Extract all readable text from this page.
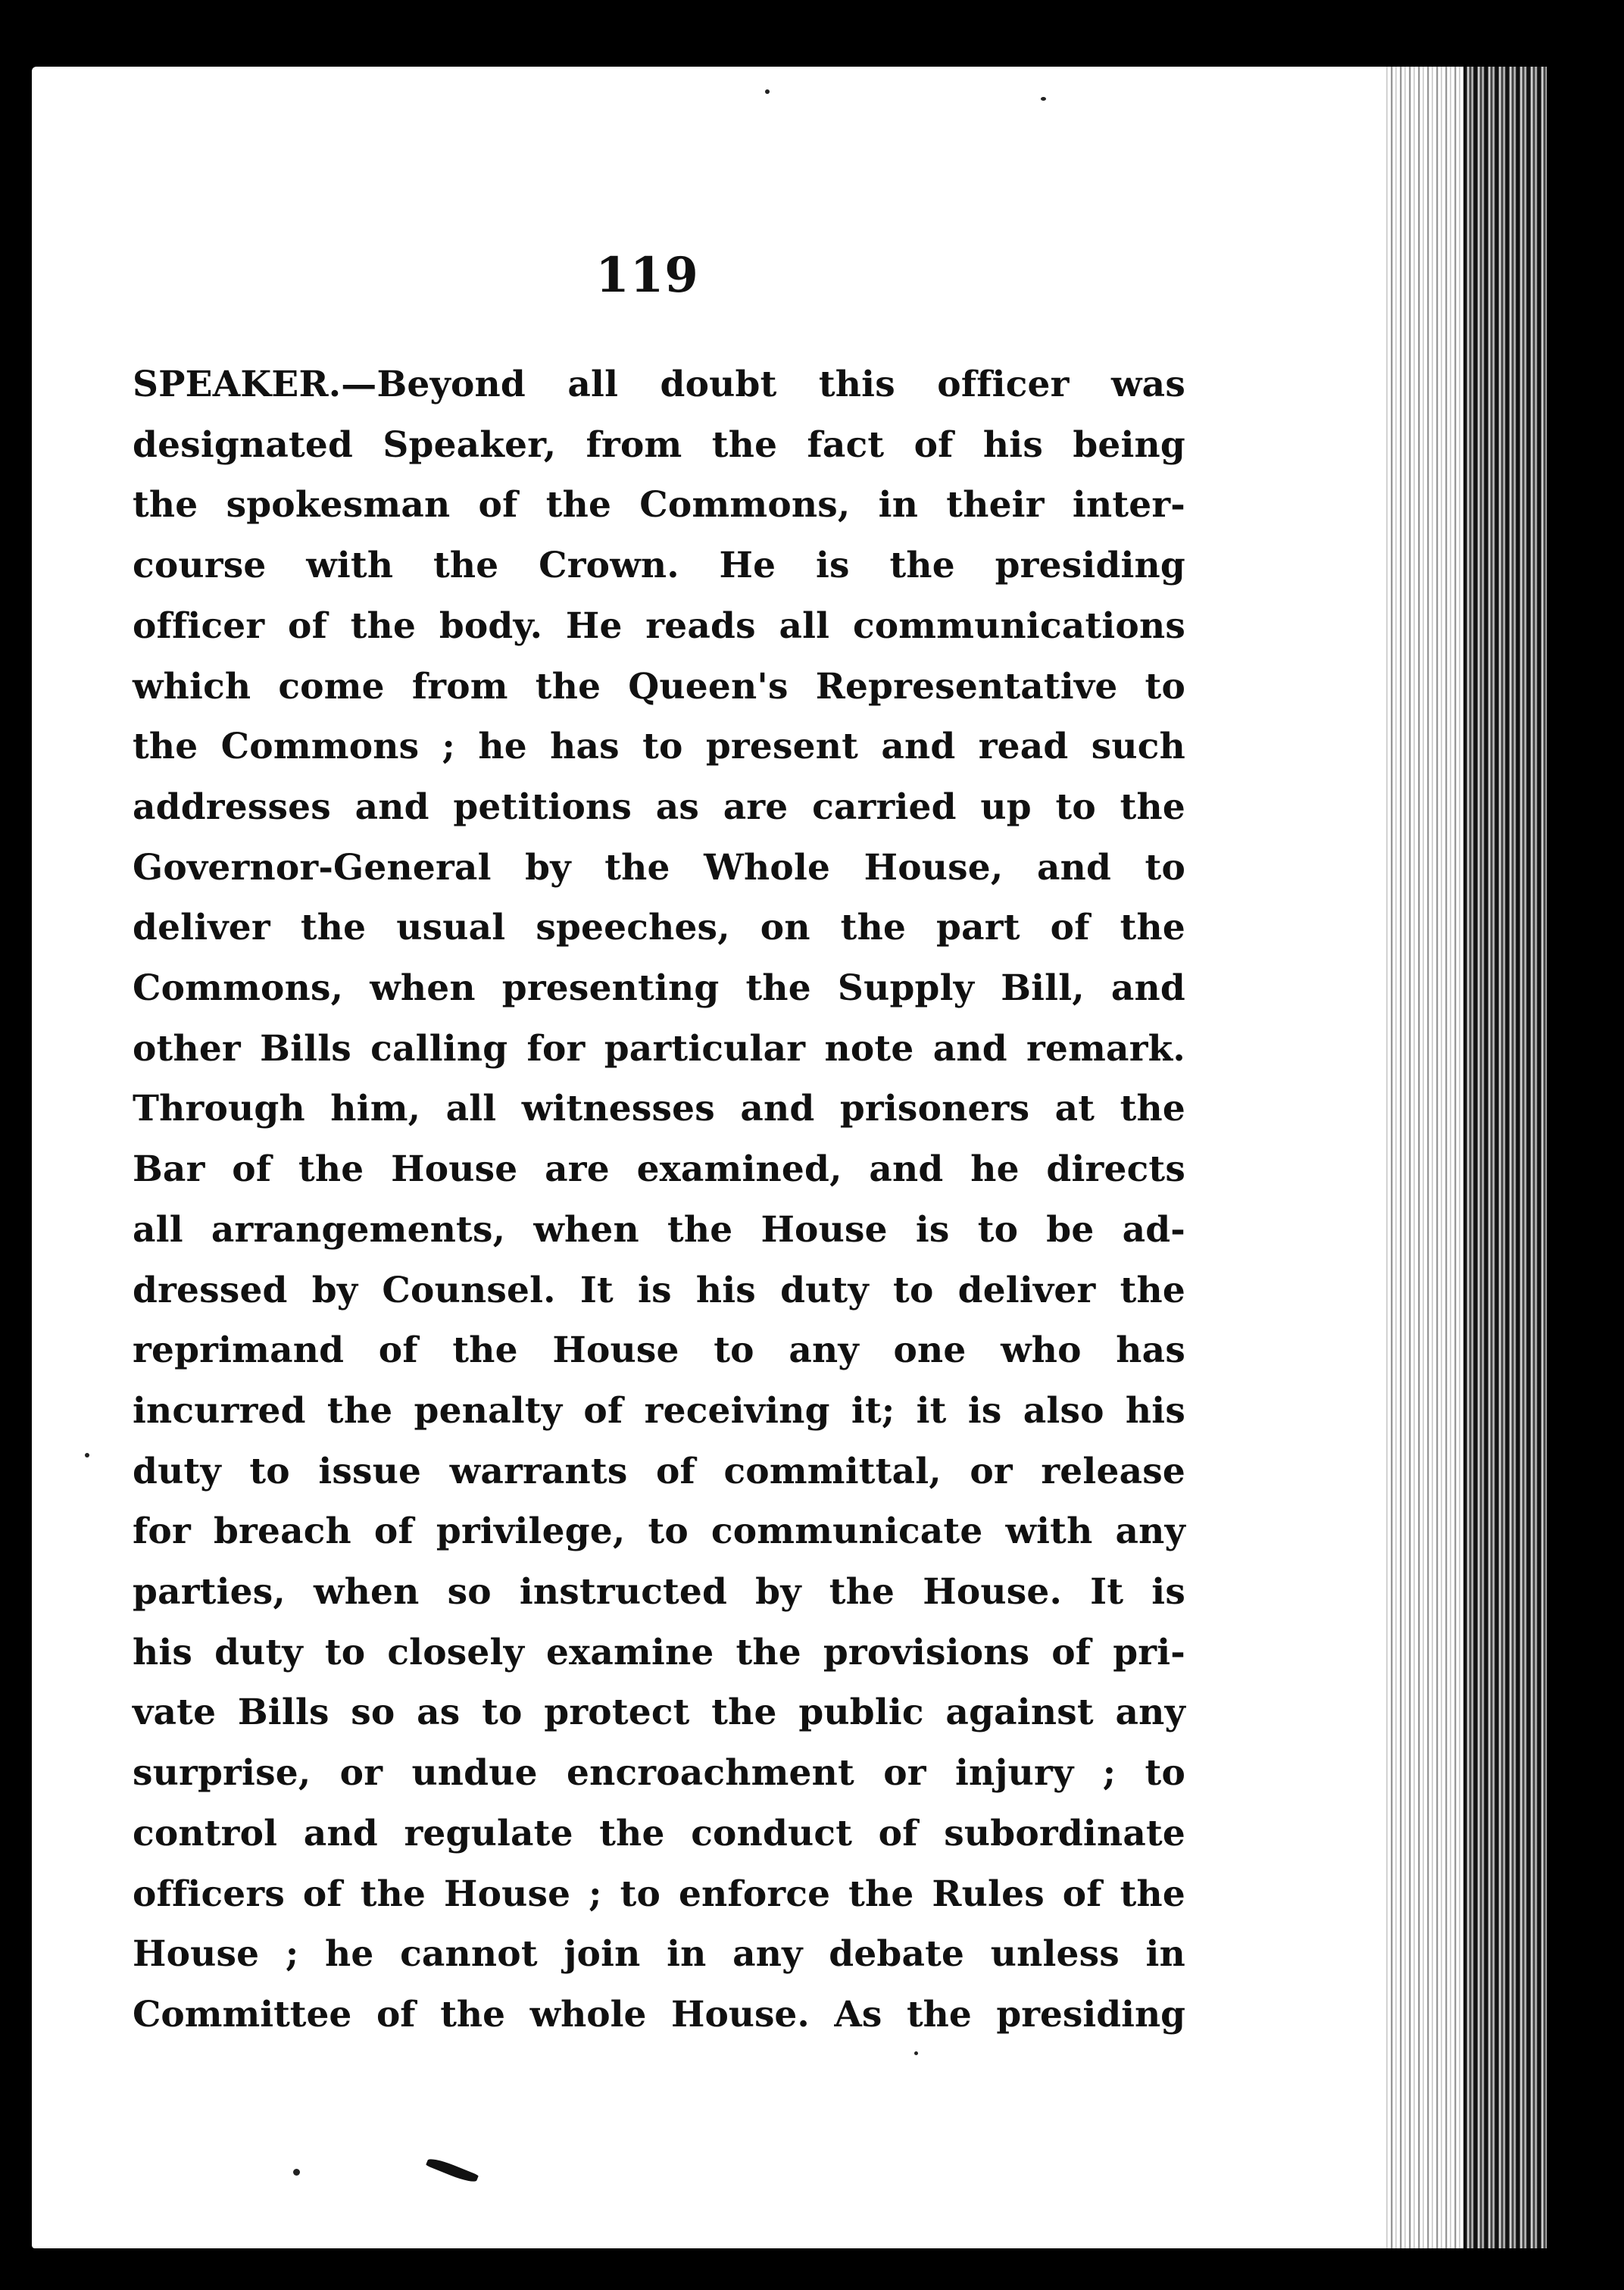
119
SPEAKER.—Beyond all doubt this officer was
designated Speaker, from the fact of his being
the spokesman of the Commons, in their inter-
course with the Crown. He is the presiding
officer of the body. He reads all communications
which come from the Queen's Representative to
the Commons ; he has to present and read such
addresses and petitions as are carried up to the
Governor-General by the Whole House, and to
deliver the usual speeches, on the part of the
Commons, when presenting the Supply Bill, and
other Bills calling for particular note and remark.
Through him, all witnesses and prisoners at the
Bar of the House are examined, and he directs
all arrangements, when the House is to be ad-
dressed by Counsel. It is his duty to deliver the
reprimand of the House to any one who has
incurred the penalty of receiving it; it is also his
duty to issue warrants of committal, or release
for breach of privilege, to communicate with any
parties, when so instructed by the House. It is
his duty to closely examine the provisions of pri-
vate Bills so as to protect the public against any
surprise, or undue encroachment or injury ; to
control and regulate the conduct of subordinate
officers of the House ; to enforce the Rules of the
House ; he cannot join in any debate unless in
Committee of the whole House. As the presiding
